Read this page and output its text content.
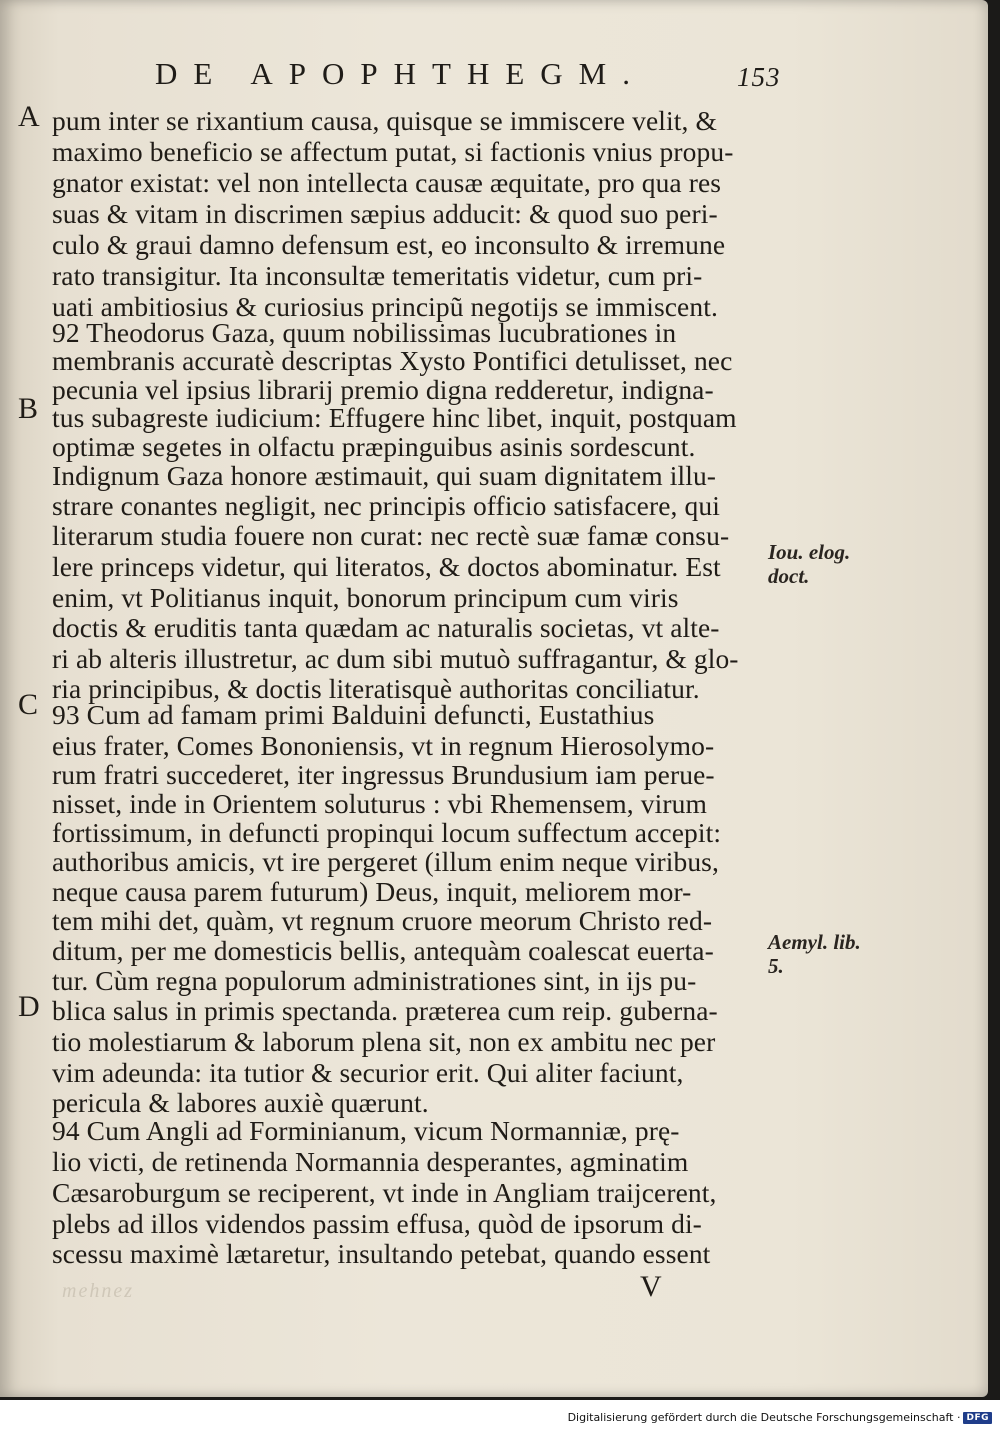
DE APOPHTHEGM.	153
A
B
C
D
pum inter se rixantium causa, quisque se immiscere velit, &
maximo beneficio se affectum putat, si factionis vnius propu-
gnator existat: vel non intellecta causæ æquitate, pro qua res
suas & vitam in discrimen sæpius adducit: & quod suo peri-
culo & graui damno defensum est, eo inconsulto & irremune
rato transigitur. Ita inconsultæ temeritatis videtur, cum pri-
uati ambitiosius & curiosius principũ negotijs se immiscent.
92 Theodorus Gaza, quum nobilissimas lucubrationes in
membranis accuratè descriptas Xysto Pontifici detulisset, nec
pecunia vel ipsius librarij premio digna redderetur, indigna-
tus subagreste iudicium: Effugere hinc libet, inquit, postquam
optimæ segetes in olfactu præpinguibus asinis sordescunt.
Indignum Gaza honore æstimauit, qui suam dignitatem illu-
strare conantes negligit, nec principis officio satisfacere, qui
literarum studia fouere non curat: nec rectè suæ famæ consu-
lere princeps videtur, qui literatos, & doctos abominatur. Est
enim, vt Politianus inquit, bonorum principum cum viris
doctis & eruditis tanta quædam ac naturalis societas, vt alte-
ri ab alteris illustretur, ac dum sibi mutuò suffragantur, & glo-
ria principibus, & doctis literatisquè authoritas conciliatur.
93 Cum ad famam primi Balduini defuncti, Eustathius
eius frater, Comes Bononiensis, vt in regnum Hierosolymo-
rum fratri succederet, iter ingressus Brundusium iam perue-
nisset, inde in Orientem soluturus : vbi Rhemensem, virum
fortissimum, in defuncti propinqui locum suffectum accepit:
authoribus amicis, vt ire pergeret (illum enim neque viribus,
neque causa parem futurum) Deus, inquit, meliorem mor-
tem mihi det, quàm, vt regnum cruore meorum Christo red-
ditum, per me domesticis bellis, antequàm coalescat euerta-
tur. Cùm regna populorum administrationes sint, in ijs pu-
blica salus in primis spectanda. præterea cum reip. guberna-
tio molestiarum & laborum plena sit, non ex ambitu nec per
vim adeunda: ita tutior & securior erit. Qui aliter faciunt,
pericula & labores auxiè quærunt.
94 Cum Angli ad Forminianum, vicum Normanniæ, prę-
lio victi, de retinenda Normannia desperantes, agminatim
Cæsaroburgum se reciperent, vt inde in Angliam traijcerent,
plebs ad illos videndos passim effusa, quòd de ipsorum di-
scessu maximè lætaretur, insultando petebat, quando essent
Iou. elog.
doct.
Aemyl. lib.
5.
mehnez	V
Digitalisierung gefördert durch die Deutsche Forschungsgemeinschaft · DFG
